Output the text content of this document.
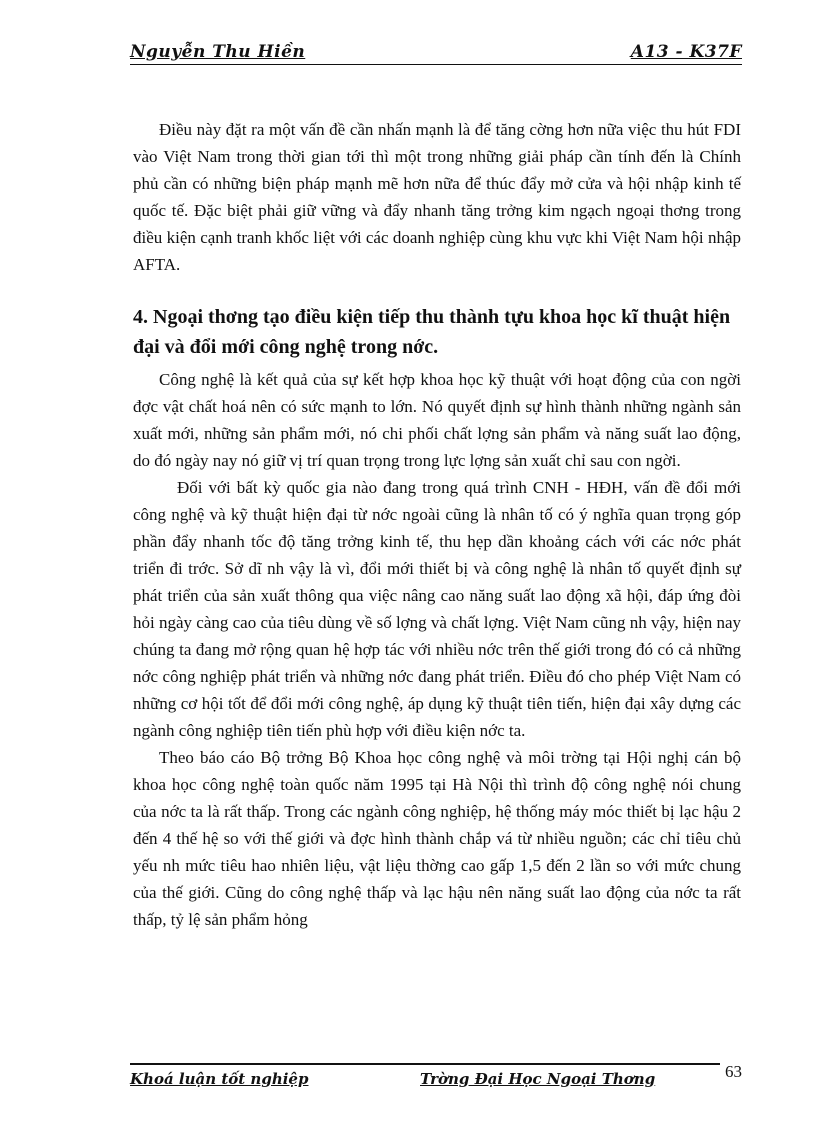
Nguyễn Thu Hiền	A13 - K37F

Điều này đặt ra một vấn đề cần nhấn mạnh là để tăng cờng hơn nữa việc thu hút FDI vào Việt Nam trong thời gian tới thì một trong những giải pháp cần tính đến là Chính phủ cần có những biện pháp mạnh mẽ hơn nữa để thúc đẩy mở cửa và hội nhập kinh tế quốc tế. Đặc biệt phải giữ vững và đẩy nhanh tăng trởng kim ngạch ngoại thơng trong điều kiện cạnh tranh khốc liệt với các doanh nghiệp cùng khu vực khi Việt Nam hội nhập AFTA.

4. Ngoại thơng tạo điều kiện tiếp thu thành tựu khoa học kĩ thuật hiện đại và đổi mới công nghệ trong nớc.

Công nghệ là kết quả của sự kết hợp khoa học kỹ thuật với hoạt động của con ngời đợc vật chất hoá nên có sức mạnh to lớn. Nó quyết định sự hình thành những ngành sản xuất mới, những sản phẩm mới, nó chi phối chất lợng sản phẩm và năng suất lao động, do đó ngày nay nó giữ vị trí quan trọng trong lực lợng sản xuất chỉ sau con ngời.

Đối với bất kỳ quốc gia nào đang trong quá trình CNH - HĐH, vấn đề đổi mới công nghệ và kỹ thuật hiện đại từ nớc ngoài cũng là nhân tố có ý nghĩa quan trọng góp phần đẩy nhanh tốc độ tăng trởng kinh tế, thu hẹp dần khoảng cách với các nớc phát triển đi trớc. Sở dĩ nh vậy là vì, đổi mới thiết bị và công nghệ là nhân tố quyết định sự phát triển của sản xuất thông qua việc nâng cao năng suất lao động xã hội, đáp ứng đòi hỏi ngày càng cao của tiêu dùng về số lợng và chất lợng. Việt Nam cũng nh vậy, hiện nay chúng ta đang mở rộng quan hệ hợp tác với nhiều nớc trên thế giới trong đó có cả những nớc công nghiệp phát triển và những nớc đang phát triển. Điều đó cho phép Việt Nam có những cơ hội tốt để đổi mới công nghệ, áp dụng kỹ thuật tiên tiến, hiện đại xây dựng các ngành công nghiệp tiên tiến phù hợp với điều kiện nớc ta.

Theo báo cáo Bộ trởng Bộ Khoa học công nghệ và môi trờng tại Hội nghị cán bộ khoa học công nghệ toàn quốc năm 1995 tại Hà Nội thì trình độ công nghệ nói chung của nớc ta là rất thấp. Trong các ngành công nghiệp, hệ thống máy móc thiết bị lạc hậu 2 đến 4 thế hệ so với thế giới và đợc hình thành chắp vá từ nhiều nguồn; các chỉ tiêu chủ yếu nh mức tiêu hao nhiên liệu, vật liệu thờng cao gấp 1,5 đến 2 lần so với mức chung của thế giới. Cũng do công nghệ thấp và lạc hậu nên năng suất lao động của nớc ta rất thấp, tỷ lệ sản phẩm hỏng

Khoá luận tốt nghiệp	Trờng Đại Học Ngoại Thơng	63
